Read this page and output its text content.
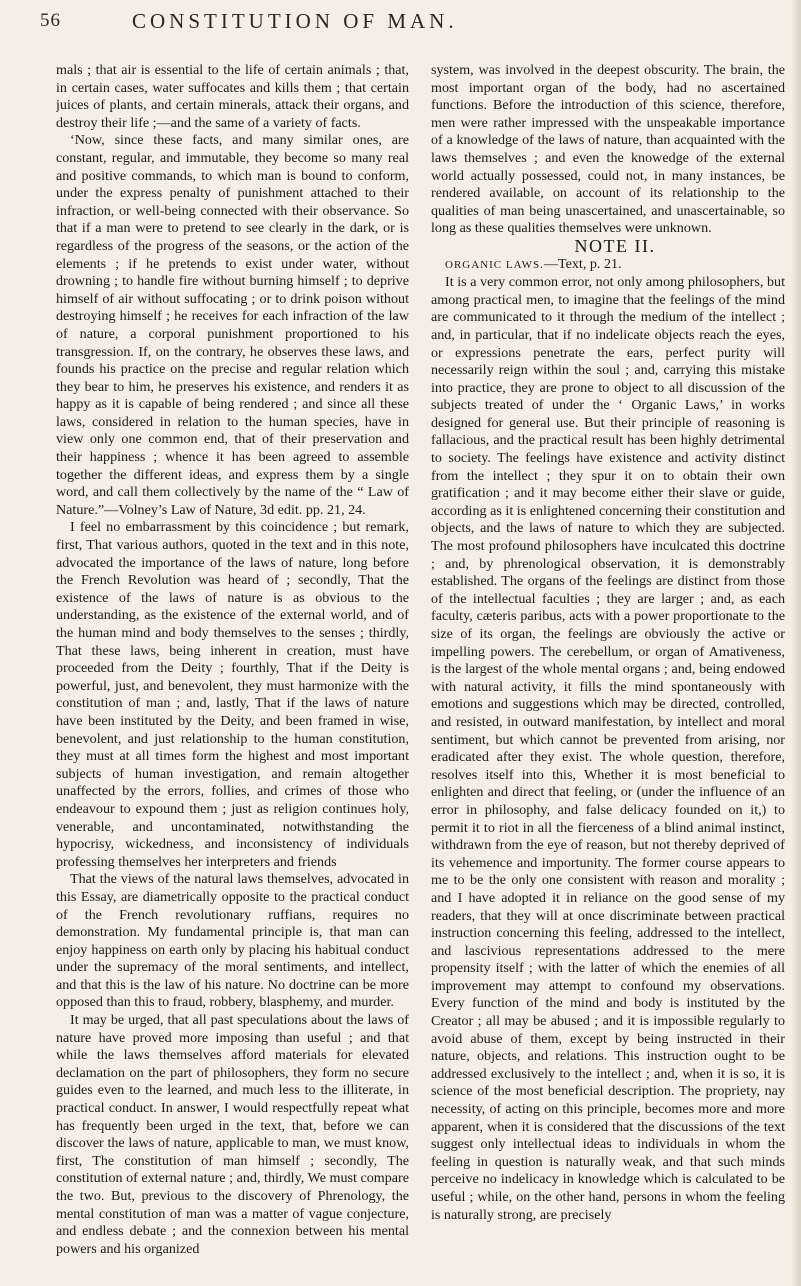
56	CONSTITUTION OF MAN.

mals ; that air is essential to the life of certain animals ; that, in certain cases, water suffocates and kills them ; that certain juices of plants, and certain minerals, attack their organs, and destroy their life ;—and the same of a variety of facts.

‘Now, since these facts, and many similar ones, are constant, regular, and immutable, they become so many real and positive commands, to which man is bound to conform, under the express penalty of punishment attached to their infraction, or well-being connected with their observance. So that if a man were to pretend to see clearly in the dark, or is regardless of the progress of the seasons, or the action of the elements ; if he pretends to exist under water, without drowning ; to handle fire without burning himself ; to deprive himself of air without suffocating ; or to drink poison without destroying himself ; he receives for each infraction of the law of nature, a corporal punishment proportioned to his transgression. If, on the contrary, he observes these laws, and founds his practice on the precise and regular relation which they bear to him, he preserves his existence, and renders it as happy as it is capable of being rendered ; and since all these laws, considered in relation to the human species, have in view only one common end, that of their preservation and their happiness ; whence it has been agreed to assemble together the different ideas, and express them by a single word, and call them collectively by the name of the “ Law of Nature.”—Volney’s Law of Nature, 3d edit. pp. 21, 24.

I feel no embarrassment by this coincidence ; but remark, first, That various authors, quoted in the text and in this note, advocated the importance of the laws of nature, long before the French Revolution was heard of ; secondly, That the existence of the laws of nature is as obvious to the understanding, as the existence of the external world, and of the human mind and body themselves to the senses ; thirdly, That these laws, being inherent in creation, must have proceeded from the Deity ; fourthly, That if the Deity is powerful, just, and benevolent, they must harmonize with the constitution of man ; and, lastly, That if the laws of nature have been instituted by the Deity, and been framed in wise, benevolent, and just relationship to the human constitution, they must at all times form the highest and most important subjects of human investigation, and remain altogether unaffected by the errors, follies, and crimes of those who endeavour to expound them ; just as religion continues holy, venerable, and uncontaminated, notwithstanding the hypocrisy, wickedness, and inconsistency of individuals professing themselves her interpreters and friends

That the views of the natural laws themselves, advocated in this Essay, are diametrically opposite to the practical conduct of the French revolutionary ruffians, requires no demonstration. My fundamental principle is, that man can enjoy happiness on earth only by placing his habitual conduct under the supremacy of the moral sentiments, and intellect, and that this is the law of his nature. No doctrine can be more opposed than this to fraud, robbery, blasphemy, and murder.

It may be urged, that all past speculations about the laws of nature have proved more imposing than useful ; and that while the laws themselves afford materials for elevated declamation on the part of philosophers, they form no secure guides even to the learned, and much less to the illiterate, in practical conduct. In answer, I would respectfully repeat what has frequently been urged in the text, that, before we can discover the laws of nature, applicable to man, we must know, first, The constitution of man himself ; secondly, The constitution of external nature ; and, thirdly, We must compare the two. But, previous to the discovery of Phrenology, the mental constitution of man was a matter of vague conjecture, and endless debate ; and the connexion between his mental powers and his organized

system, was involved in the deepest obscurity. The brain, the most important organ of the body, had no ascertained functions. Before the introduction of this science, therefore, men were rather impressed with the unspeakable importance of a knowledge of the laws of nature, than acquainted with the laws themselves ; and even the knowedge of the external world actually possessed, could not, in many instances, be rendered available, on account of its relationship to the qualities of man being unascertained, and unascertainable, so long as these qualities themselves were unknown.

NOTE II.

ORGANIC LAWS.—Text, p. 21.

It is a very common error, not only among philosophers, but among practical men, to imagine that the feelings of the mind are communicated to it through the medium of the intellect ; and, in particular, that if no indelicate objects reach the eyes, or expressions penetrate the ears, perfect purity will necessarily reign within the soul ; and, carrying this mistake into practice, they are prone to object to all discussion of the subjects treated of under the ‘ Organic Laws,’ in works designed for general use. But their principle of reasoning is fallacious, and the practical result has been highly detrimental to society. The feelings have existence and activity distinct from the intellect ; they spur it on to obtain their own gratification ; and it may become either their slave or guide, according as it is enlightened concerning their constitution and objects, and the laws of nature to which they are subjected. The most profound philosophers have inculcated this doctrine ; and, by phrenological observation, it is demonstrably established. The organs of the feelings are distinct from those of the intellectual faculties ; they are larger ; and, as each faculty, cæteris paribus, acts with a power proportionate to the size of its organ, the feelings are obviously the active or impelling powers. The cerebellum, or organ of Amativeness, is the largest of the whole mental organs ; and, being endowed with natural activity, it fills the mind spontaneously with emotions and suggestions which may be directed, controlled, and resisted, in outward manifestation, by intellect and moral sentiment, but which cannot be prevented from arising, nor eradicated after they exist. The whole question, therefore, resolves itself into this, Whether it is most beneficial to enlighten and direct that feeling, or (under the influence of an error in philosophy, and false delicacy founded on it,) to permit it to riot in all the fierceness of a blind animal instinct, withdrawn from the eye of reason, but not thereby deprived of its vehemence and importunity. The former course appears to me to be the only one consistent with reason and morality ; and I have adopted it in reliance on the good sense of my readers, that they will at once discriminate between practical instruction concerning this feeling, addressed to the intellect, and lascivious representations addressed to the mere propensity itself ; with the latter of which the enemies of all improvement may attempt to confound my observations. Every function of the mind and body is instituted by the Creator ; all may be abused ; and it is impossible regularly to avoid abuse of them, except by being instructed in their nature, objects, and relations. This instruction ought to be addressed exclusively to the intellect ; and, when it is so, it is science of the most beneficial description. The propriety, nay necessity, of acting on this principle, becomes more and more apparent, when it is considered that the discussions of the text suggest only intellectual ideas to individuals in whom the feeling in question is naturally weak, and that such minds perceive no indelicacy in knowledge which is calculated to be useful ; while, on the other hand, persons in whom the feeling is naturally strong, are precisely
